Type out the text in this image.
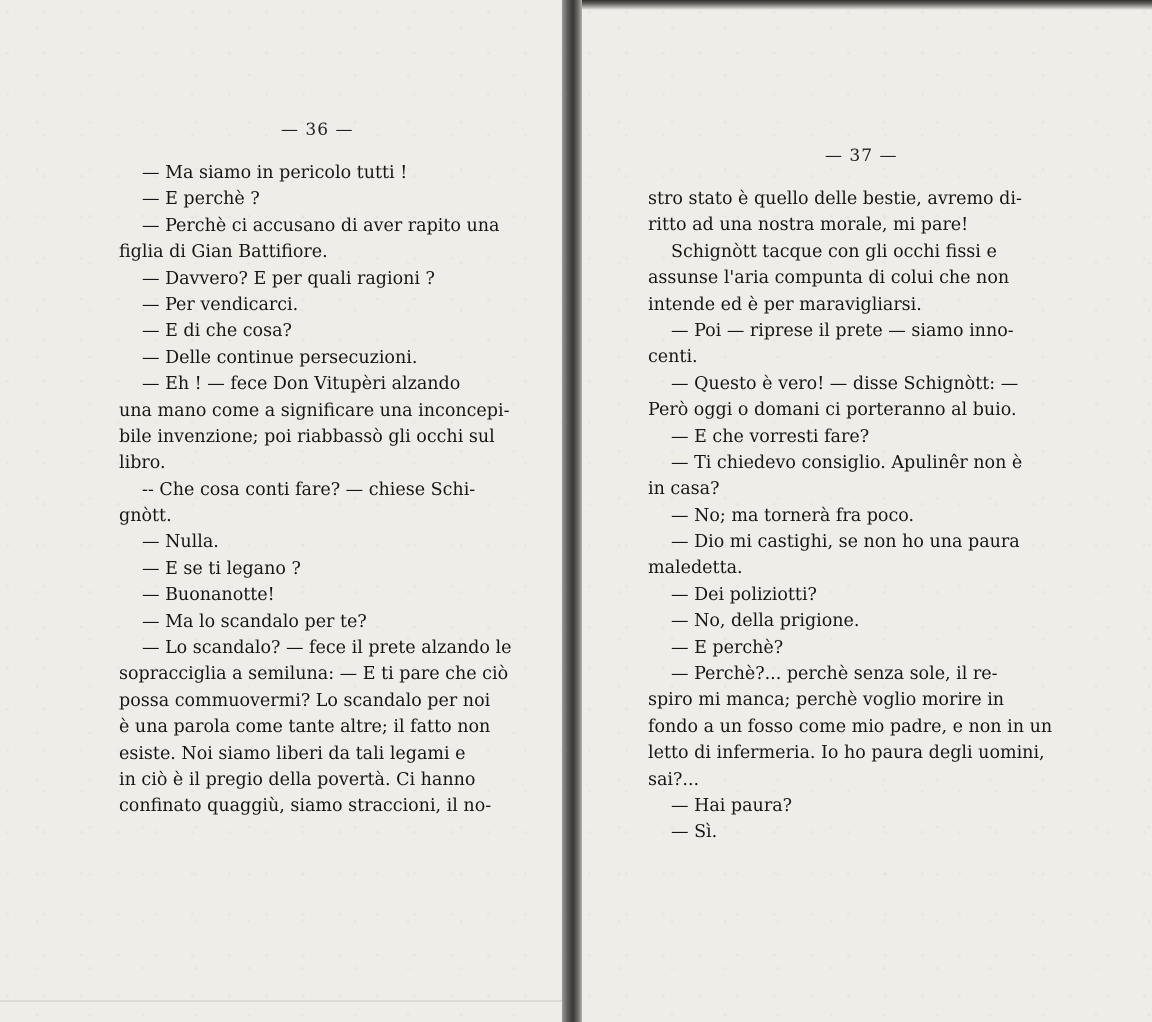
— 36 —
— Ma siamo in pericolo tutti !
— E perchè ?
— Perchè ci accusano di aver rapito una
figlia di Gian Battifiore.
— Davvero? E per quali ragioni ?
— Per vendicarci.
— E di che cosa?
— Delle continue persecuzioni.
— Eh ! — fece Don Vitupèri alzando
una mano come a significare una inconcepi-
bile invenzione; poi riabbassò gli occhi sul
libro.
-- Che cosa conti fare? — chiese Schi-
gnòtt.
— Nulla.
— E se ti legano ?
— Buonanotte!
— Ma lo scandalo per te?
— Lo scandalo? — fece il prete alzando le
sopracciglia a semiluna: — E ti pare che ciò
possa commuovermi? Lo scandalo per noi
è una parola come tante altre; il fatto non
esiste. Noi siamo liberi da tali legami e
in ciò è il pregio della povertà. Ci hanno
confinato quaggiù, siamo straccioni, il no-
— 37 —
stro stato è quello delle bestie, avremo di-
ritto ad una nostra morale, mi pare!
Schignòtt tacque con gli occhi fissi e
assunse l'aria compunta di colui che non
intende ed è per maravigliarsi.
— Poi — riprese il prete — siamo inno-
centi.
— Questo è vero! — disse Schignòtt: —
Però oggi o domani ci porteranno al buio.
— E che vorresti fare?
— Ti chiedevo consiglio. Apulinêr non è
in casa?
— No; ma tornerà fra poco.
— Dio mi castighi, se non ho una paura
maledetta.
— Dei poliziotti?
— No, della prigione.
— E perchè?
— Perchè?... perchè senza sole, il re-
spiro mi manca; perchè voglio morire in
fondo a un fosso come mio padre, e non in un
letto di infermeria. Io ho paura degli uomini,
sai?...
— Hai paura?
— Sì.
